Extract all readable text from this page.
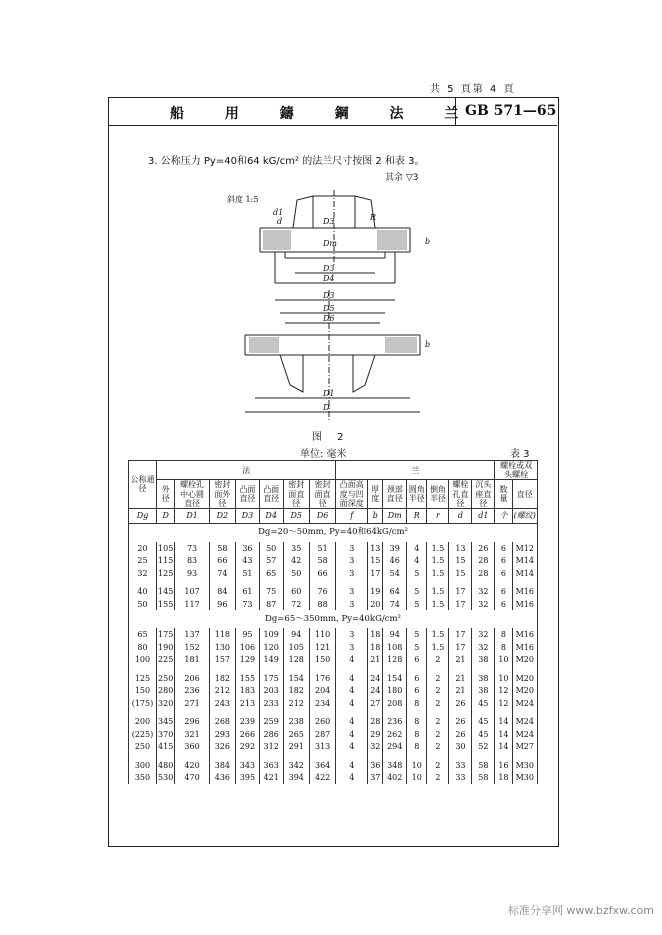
共 5 頁第 4 頁
船 用 鑄 鋼 法 兰
GB 571—65
3. 公称压力 Py=40和64 kG/cm² 的法兰尺寸按图 2 和表 3。
其余 ▽3
斜度 1:5
D3
Dm
D3
D4
D3
D5
D6
D1
D
R
d1
d
b
b
图 2
单位: 毫米	表 3
公称通径	法							兰							螺栓或双头螺栓	
	外径	螺栓孔中心圆直径	密封面外径	凸面直径	凸面直径	密封面直径	密封面直径	凸面高度与凹面深度	厚度	颈部直径	圆角半径	倒角半径	螺栓孔直径	沉头座直径	数量	直径
Dg	D	D1	D2	D3	D4	D5	D6	f	b	Dm	R	r	d	d1	个	(螺纹)
Dg=20～50mm, Py=40和64kG/cm²																
20	105	73	58	36	50	35	51	3	13	39	4	1.5	13	26	6	M12
25	115	83	66	43	57	42	58	3	15	46	4	1.5	15	28	6	M14
32	125	93	74	51	65	50	66	3	17	54	5	1.5	15	28	6	M14

40	145	107	84	61	75	60	76	3	19	64	5	1.5	17	32	6	M16
50	155	117	96	73	87	72	88	3	20	74	5	1.5	17	32	6	M16
Dg=65～350mm, Py=40kG/cm²																
65	175	137	118	95	109	94	110	3	18	94	5	1.5	17	32	8	M16
80	190	152	130	106	120	105	121	3	18	108	5	1.5	17	32	8	M16
100	225	181	157	129	149	128	150	4	21	128	6	2	21	38	10	M20

125	250	206	182	155	175	154	176	4	24	154	6	2	21	38	10	M20
150	280	236	212	183	203	182	204	4	24	180	6	2	21	38	12	M20
(175)	320	271	243	213	233	212	234	4	27	208	8	2	26	45	12	M24

200	345	296	268	239	259	238	260	4	28	236	8	2	26	45	14	M24
(225)	370	321	293	266	286	265	287	4	29	262	8	2	26	45	14	M24
250	415	360	326	292	312	291	313	4	32	294	8	2	30	52	14	M27

300	480	420	384	343	363	342	364	4	36	348	10	2	33	58	16	M30
350	530	470	436	395	421	394	422	4	37	402	10	2	33	58	18	M30
标准分享网 www.bzfxw.com
